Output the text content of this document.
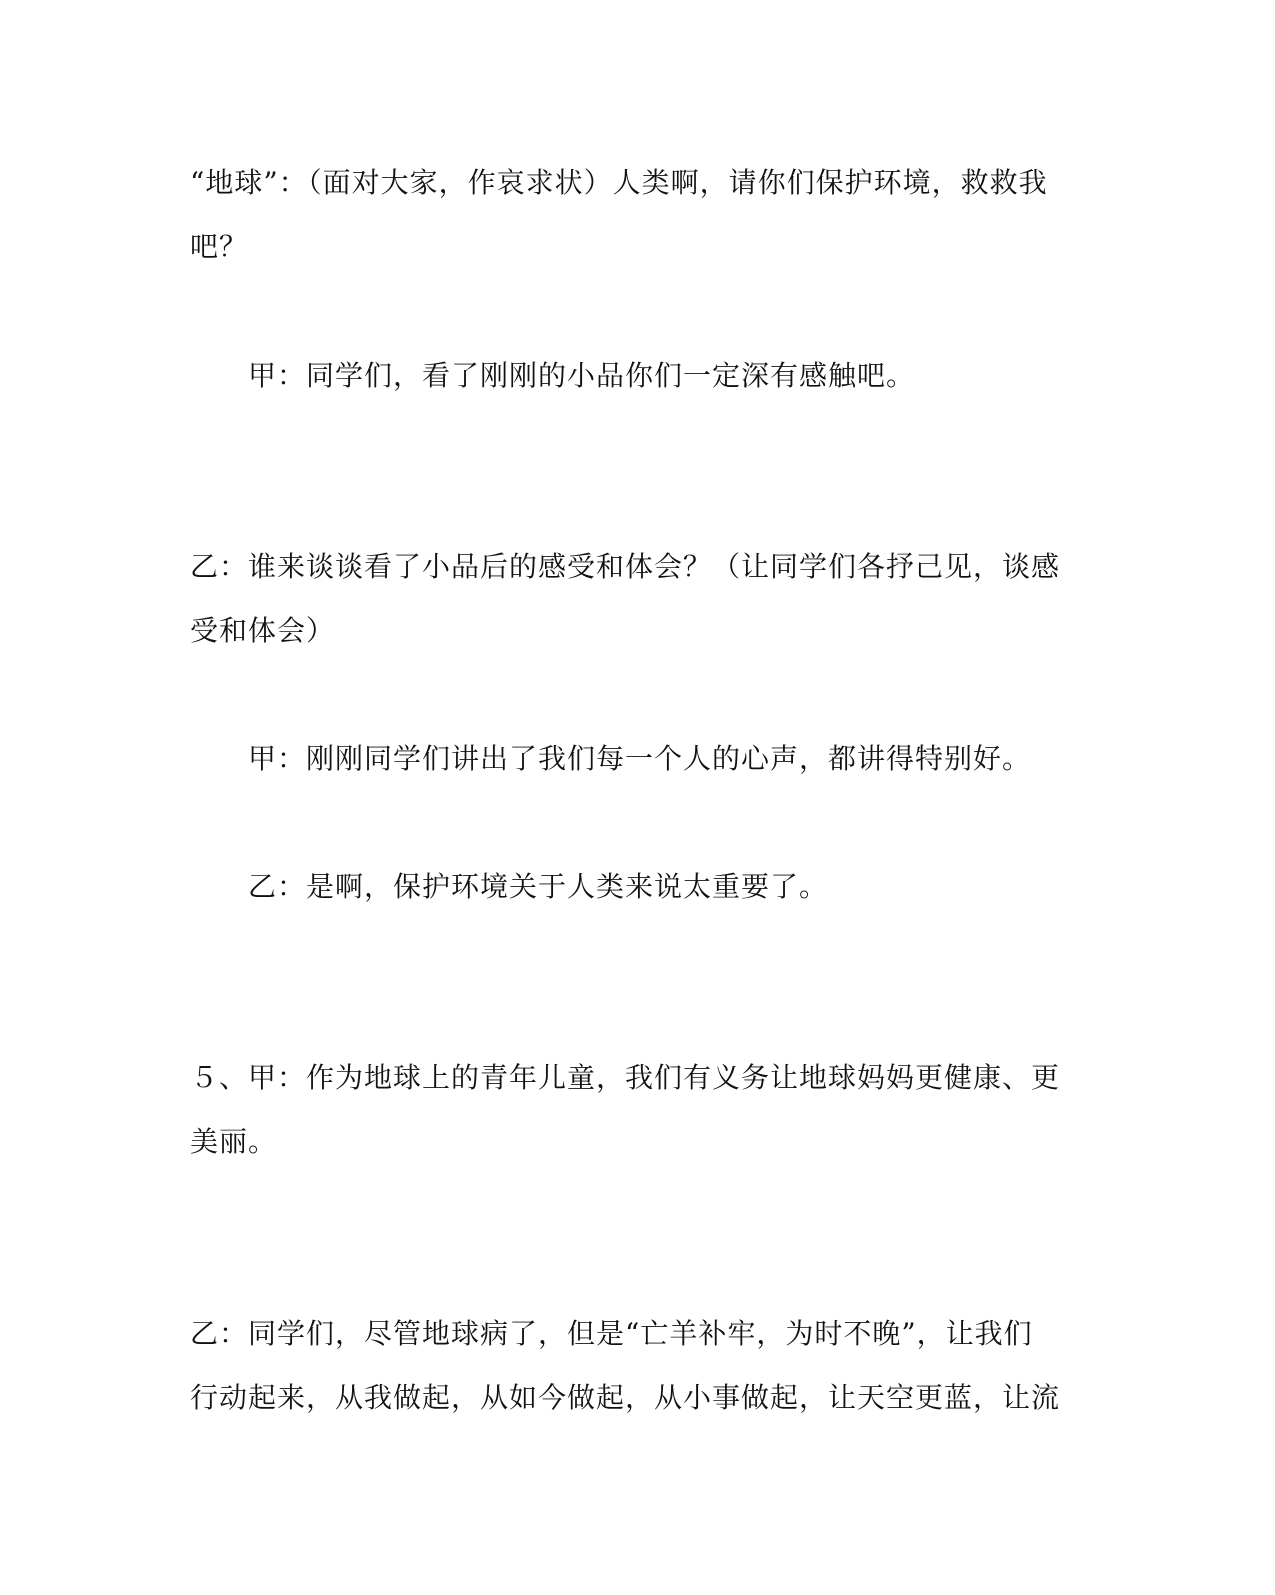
“地球”：（面对大家，作哀求状）人类啊，请你们保护环境，救救我吧？

甲：同学们，看了刚刚的小品你们一定深有感触吧。

乙：谁来谈谈看了小品后的感受和体会？（让同学们各抒己见，谈感受和体会）

甲：刚刚同学们讲出了我们每一个人的心声，都讲得特别好。

乙：是啊，保护环境关于人类来说太重要了。

５、甲：作为地球上的青年儿童，我们有义务让地球妈妈更健康、更美丽。

乙：同学们，尽管地球病了，但是“亡羊补牢，为时不晚”，让我们行动起来，从我做起，从如今做起，从小事做起，让天空更蓝，让流
